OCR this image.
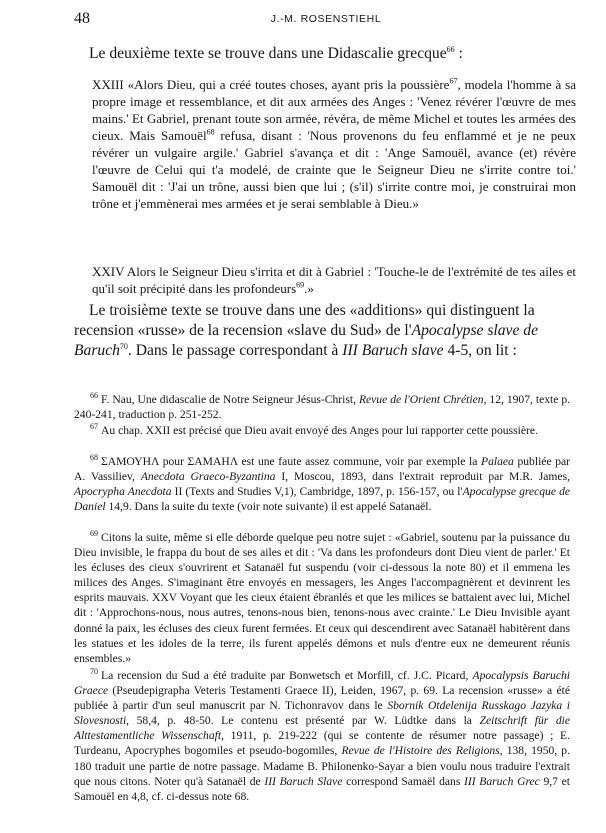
48	J.-M. ROSENSTIEHL

Le deuxième texte se trouve dans une Didascalie grecque$^{66}$ :

XXIII «Alors Dieu, qui a créé toutes choses, ayant pris la poussière$^{67}$, modela l'homme à sa propre image et ressemblance, et dit aux armées des Anges : 'Venez révérer l'œuvre de mes mains.' Et Gabriel, prenant toute son armée, révéra, de même Michel et toutes les armées des cieux. Mais Samouël$^{68}$ refusa, disant : 'Nous provenons du feu enflammé et je ne peux révérer un vulgaire argile.' Gabriel s'avança et dit : 'Ange Samouël, avance (et) révère l'œuvre de Celui qui t'a modelé, de crainte que le Seigneur Dieu ne s'irrite contre toi.' Samouël dit : 'J'ai un trône, aussi bien que lui ; (s'il) s'irrite contre moi, je construirai mon trône et j'emmènerai mes armées et je serai semblable à Dieu.»

XXIV Alors le Seigneur Dieu s'irrita et dit à Gabriel : 'Touche-le de l'extrémité de tes ailes et qu'il soit précipité dans les profondeurs$^{69}$.»

Le troisième texte se trouve dans une des «additions» qui distinguent la recension «russe» de la recension «slave du Sud» de l'Apocalypse slave de Baruch$^{70}$. Dans le passage correspondant à III Baruch slave 4-5, on lit :

$^{66}$ F. Nau, Une didascalie de Notre Seigneur Jésus-Christ, Revue de l'Orient Chrétien, 12, 1907, texte p. 240-241, traduction p. 251-252.

$^{67}$ Au chap. XXII est précisé que Dieu avait envoyé des Anges pour lui rapporter cette poussière.

$^{68}$ ΣΑΜΟΥΗΛ pour ΣΑΜΑΗΛ est une faute assez commune, voir par exemple la Palaea publiée par A. Vassiliev, Anecdota Graeco-Byzantina I, Moscou, 1893, dans l'extrait reproduit par M.R. James, Apocrypha Anecdota II (Texts and Studies V,1), Cambridge, 1897, p. 156-157, ou l'Apocalypse grecque de Daniel 14,9. Dans la suite du texte (voir note suivante) il est appelé Satanaël.

$^{69}$ Citons la suite, même si elle déborde quelque peu notre sujet : «Gabriel, soutenu par la puissance du Dieu invisible, le frappa du bout de ses ailes et dit : 'Va dans les profondeurs dont Dieu vient de parler.' Et les écluses des cieux s'ouvrirent et Satanaël fut suspendu (voir ci-dessous la note 80) et il emmena les milices des Anges. S'imaginant être envoyés en messagers, les Anges l'accompagnèrent et devinrent les esprits mauvais. XXV Voyant que les cieux étaient ébranlés et que les milices se battaient avec lui, Michel dit : 'Approchons-nous, nous autres, tenons-nous bien, tenons-nous avec crainte.' Le Dieu Invisible ayant donné la paix, les écluses des cieux furent fermées. Et ceux qui descendirent avec Satanaël habitèrent dans les statues et les idoles de la terre, ils furent appelés démons et nuls d'entre eux ne demeurent réunis ensembles.»

$^{70}$ La recension du Sud a été traduite par Bonwetsch et Morfill, cf. J.C. Picard, Apocalypsis Baruchi Graece (Pseudepigrapha Veteris Testamenti Graece II), Leiden, 1967, p. 69. La recension «russe» a été publiée à partir d'un seul manuscrit par N. Tichonravov dans le Sbornik Otdelenija Russkago Jazyka i Slovesnosti, 58,4, p. 48-50. Le contenu est présenté par W. Lüdtke dans la Zeitschrift für die Alttestamentliche Wissenschaft, 1911, p. 219-222 (qui se contente de résumer notre passage) ; E. Turdeanu, Apocryphes bogomiles et pseudo-bogomiles, Revue de l'Histoire des Religions, 138, 1950, p. 180 traduit une partie de notre passage. Madame B. Philonenko-Sayar a bien voulu nous traduire l'extrait que nous citons. Noter qu'à Satanaël de III Baruch Slave correspond Samaël dans III Baruch Grec 9,7 et Samouël en 4,8, cf. ci-dessus note 68.
